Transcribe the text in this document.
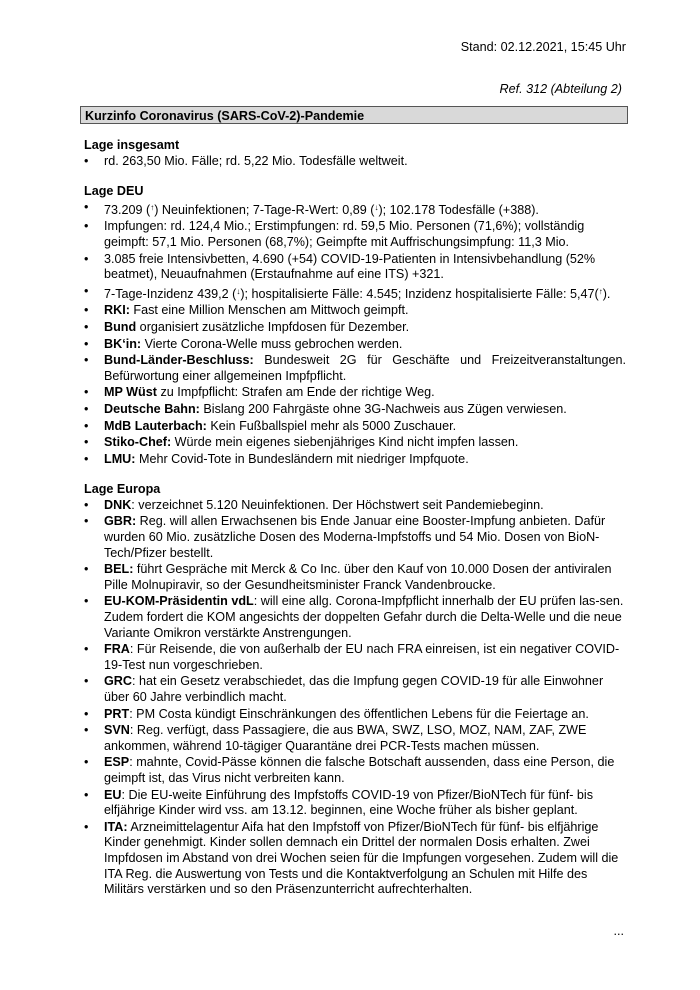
Stand: 02.12.2021, 15:45 Uhr
Ref. 312 (Abteilung 2)
Kurzinfo Coronavirus (SARS-CoV-2)-Pandemie

Lage insgesamt

• rd. 263,50 Mio. Fälle; rd. 5,22 Mio. Todesfälle weltweit.

Lage DEU

• 73.209 (↑) Neuinfektionen; 7-Tage-R-Wert: 0,89 (↓); 102.178 Todesfälle (+388).
• Impfungen: rd. 124,4 Mio.; Erstimpfungen: rd. 59,5 Mio. Personen (71,6%); vollständig geimpft: 57,1 Mio. Personen (68,7%); Geimpfte mit Auffrischungsimpfung: 11,3 Mio.
• 3.085 freie Intensivbetten, 4.690 (+54) COVID-19-Patienten in Intensivbehandlung (52% beatmet), Neuaufnahmen (Erstaufnahme auf eine ITS) +321.
• 7-Tage-Inzidenz 439,2 (↓); hospitalisierte Fälle: 4.545; Inzidenz hospitalisierte Fälle: 5,47(↑).
• RKI: Fast eine Million Menschen am Mittwoch geimpft.
• Bund organisiert zusätzliche Impfdosen für Dezember.
• BK‘in: Vierte Corona-Welle muss gebrochen werden.
• Bund-Länder-Beschluss: Bundesweit 2G für Geschäfte und Freizeitveranstaltungen. Befürwortung einer allgemeinen Impfpflicht.
• MP Wüst zu Impfpflicht: Strafen am Ende der richtige Weg.
• Deutsche Bahn: Bislang 200 Fahrgäste ohne 3G-Nachweis aus Zügen verwiesen.
• MdB Lauterbach: Kein Fußballspiel mehr als 5000 Zuschauer.
• Stiko-Chef: Würde mein eigenes siebenjähriges Kind nicht impfen lassen.
• LMU: Mehr Covid-Tote in Bundesländern mit niedriger Impfquote.

Lage Europa

• DNK: verzeichnet 5.120 Neuinfektionen. Der Höchstwert seit Pandemiebeginn.
• GBR: Reg. will allen Erwachsenen bis Ende Januar eine Booster-Impfung anbieten. Dafür wurden 60 Mio. zusätzliche Dosen des Moderna-Impfstoffs und 54 Mio. Dosen von BioN-Tech/Pfizer bestellt.
• BEL: führt Gespräche mit Merck & Co Inc. über den Kauf von 10.000 Dosen der antiviralen Pille Molnupiravir, so der Gesundheitsminister Franck Vandenbroucke.
• EU-KOM-Präsidentin vdL: will eine allg. Corona-Impfpflicht innerhalb der EU prüfen las-sen. Zudem fordert die KOM angesichts der doppelten Gefahr durch die Delta-Welle und die neue Variante Omikron verstärkte Anstrengungen.
• FRA: Für Reisende, die von außerhalb der EU nach FRA einreisen, ist ein negativer COVID-19-Test nun vorgeschrieben.
• GRC: hat ein Gesetz verabschiedet, das die Impfung gegen COVID-19 für alle Einwohner über 60 Jahre verbindlich macht.
• PRT: PM Costa kündigt Einschränkungen des öffentlichen Lebens für die Feiertage an.
• SVN: Reg. verfügt, dass Passagiere, die aus BWA, SWZ, LSO, MOZ, NAM, ZAF, ZWE ankommen, während 10-tägiger Quarantäne drei PCR-Tests machen müssen.
• ESP: mahnte, Covid-Pässe können die falsche Botschaft aussenden, dass eine Person, die geimpft ist, das Virus nicht verbreiten kann.
• EU: Die EU-weite Einführung des Impfstoffs COVID-19 von Pfizer/BioNTech für fünf- bis elfjährige Kinder wird vss. am 13.12. beginnen, eine Woche früher als bisher geplant.
• ITA: Arzneimittelagentur Aifa hat den Impfstoff von Pfizer/BioNTech für fünf- bis elfjährige Kinder genehmigt. Kinder sollen demnach ein Drittel der normalen Dosis erhalten. Zwei Impfdosen im Abstand von drei Wochen seien für die Impfungen vorgesehen. Zudem will die ITA Reg. die Auswertung von Tests und die Kontaktverfolgung an Schulen mit Hilfe des Militärs verstärken und so den Präsenzunterricht aufrechterhalten.
...
